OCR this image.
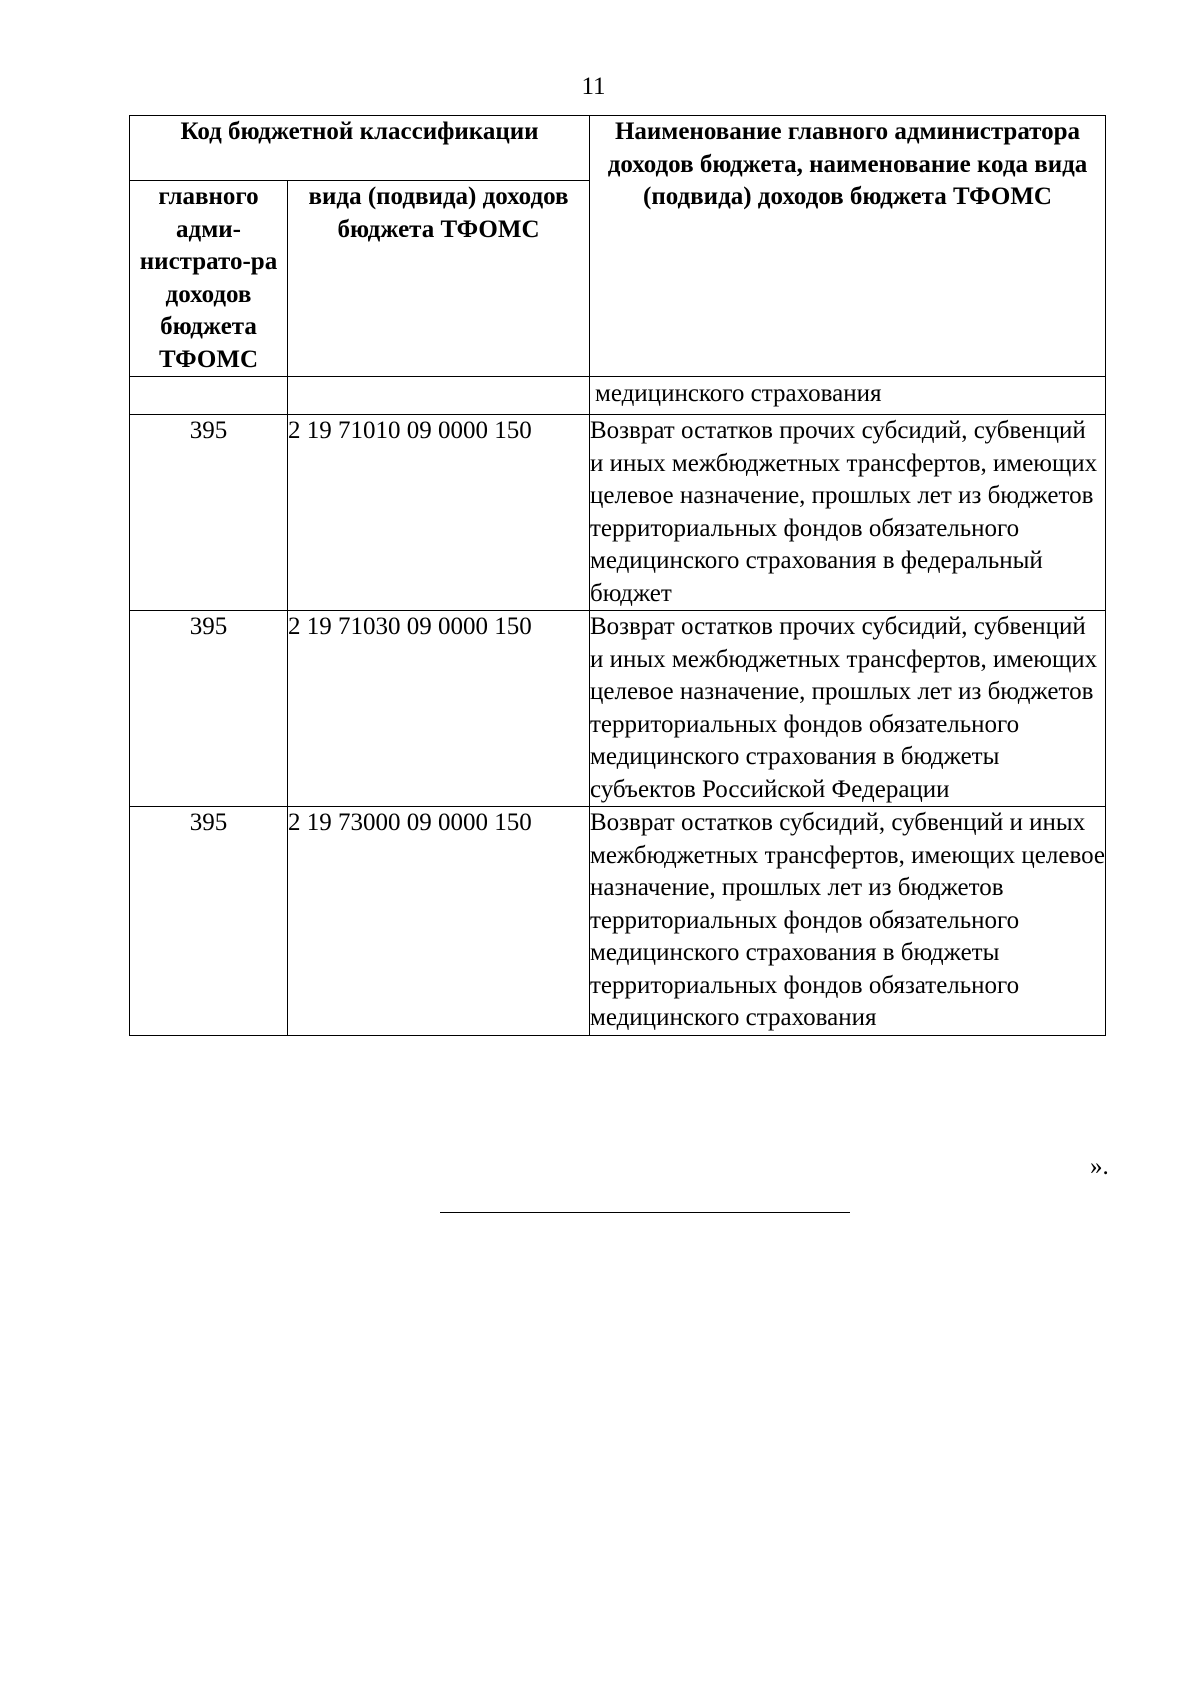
11
Код бюджетной классификации		Наименование главного администратора доходов бюджета, наименование кода вида (подвида) доходов бюджета ТФОМС
главного адми-нистрато-ра доходов бюджета ТФОМС	вида (подвида) доходов бюджета ТФОМС	
		медицинского страхования
395	2 19 71010 09 0000 150	Возврат остатков прочих субсидий, субвенций и иных межбюджетных трансфертов, имеющих целевое назначение, прошлых лет из бюджетов территориальных фондов обязательного медицинского страхования в федеральный бюджет
395	2 19 71030 09 0000 150	Возврат остатков прочих субсидий, субвенций и иных межбюджетных трансфертов, имеющих целевое назначение, прошлых лет из бюджетов территориальных фондов обязательного медицинского страхования в бюджеты субъектов Российской Федерации
395	2 19 73000 09 0000 150	Возврат остатков субсидий, субвенций и иных межбюджетных трансфертов, имеющих целевое назначение, прошлых лет из бюджетов территориальных фондов обязательного медицинского страхования в бюджеты территориальных фондов обязательного медицинского страхования
».
